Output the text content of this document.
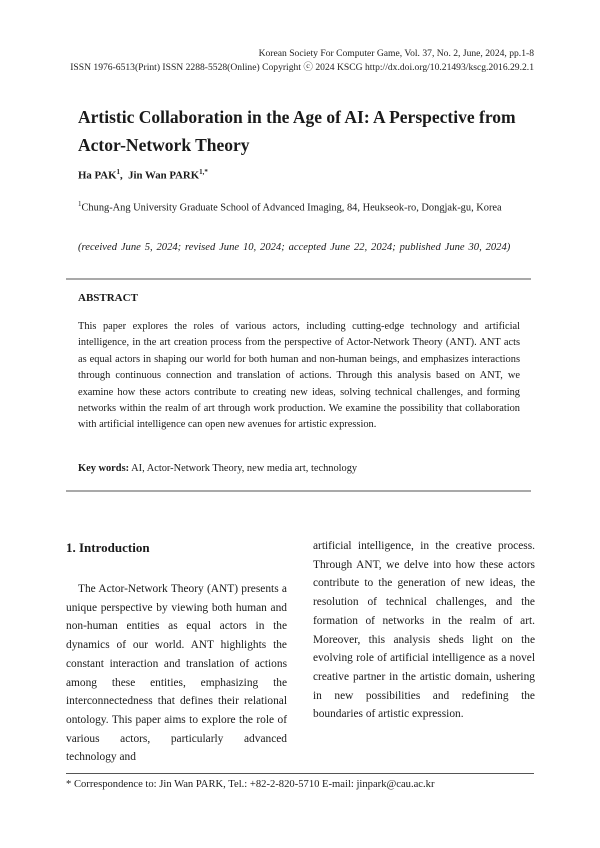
Korean Society For Computer Game, Vol. 37, No. 2, June, 2024, pp.1-8
ISSN 1976-6513(Print) ISSN 2288-5528(Online) Copyright ⓒ 2024 KSCG http://dx.doi.org/10.21493/kscg.2016.29.2.1
Artistic Collaboration in the Age of AI: A Perspective from Actor-Network Theory
Ha PAK$^1$,  Jin Wan $PARK^{1,*}$
$^1$Chung-Ang University Graduate School of Advanced Imaging, 84, Heukseok-ro, Dongjak-gu, Korea
(received June 5, 2024; revised June 10, 2024; accepted June 22, 2024; published June 30, 2024)
ABSTRACT
This paper explores the roles of various actors, including cutting-edge technology and artificial intelligence, in the art creation process from the perspective of Actor-Network Theory (ANT). ANT acts as equal actors in shaping our world for both human and non-human beings, and emphasizes interactions through continuous connection and translation of actions. Through this analysis based on ANT, we examine how these actors contribute to creating new ideas, solving technical challenges, and forming networks within the realm of art through work production. We examine the possibility that collaboration with artificial intelligence can open new avenues for artistic expression.
Key words: AI, Actor-Network Theory, new media art, technology
1. Introduction

The Actor-Network Theory (ANT) presents a unique perspective by viewing both human and non-human entities as equal actors in the dynamics of our world. ANT highlights the constant interaction and translation of actions among these entities, emphasizing the interconnectedness that defines their relational ontology. This paper aims to explore the role of various actors, particularly advanced technology and

artificial intelligence, in the creative process. Through ANT, we delve into how these actors contribute to the generation of new ideas, the resolution of technical challenges, and the formation of networks in the realm of art. Moreover, this analysis sheds light on the evolving role of artificial intelligence as a novel creative partner in the artistic domain, ushering in new possibilities and redefining the boundaries of artistic expression.

* Correspondence to: Jin Wan PARK, Tel.: +82-2-820-5710 E-mail: jinpark@cau.ac.kr
